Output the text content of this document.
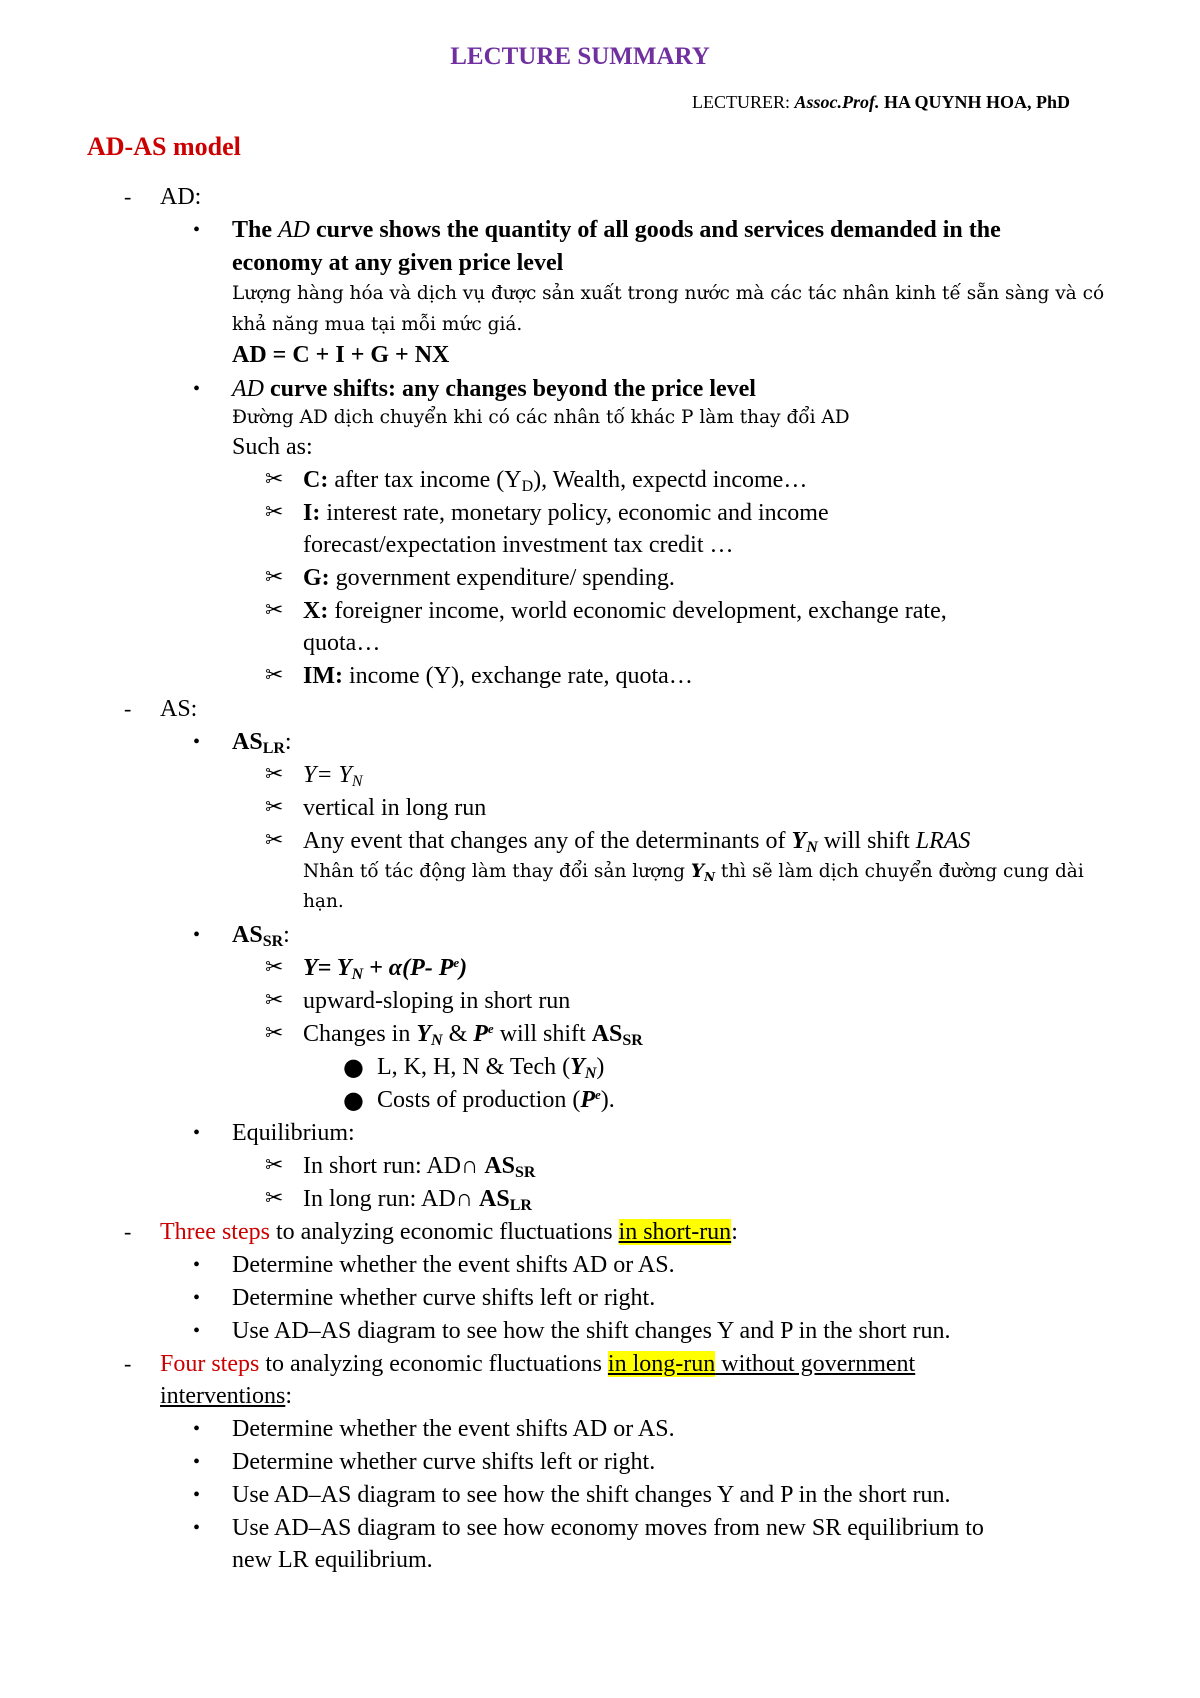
LECTURE SUMMARY
LECTURER: Assoc.Prof. HA QUYNH HOA, PhD
AD-AS model
- AD:
• The AD curve shows the quantity of all goods and services demanded in the
economy at any given price level
Lượng hàng hóa và dịch vụ được sản xuất trong nước mà các tác nhân kinh tế sẵn sàng và có
khả năng mua tại mỗi mức giá.
AD = C + I + G + NX
• AD curve shifts: any changes beyond the price level
Đường AD dịch chuyển khi có các nhân tố khác P làm thay đổi AD
Such as:
✂ C: after tax income $(Y_D)$, Wealth, expectd income…
✂ I: interest rate, monetary policy, economic and income
forecast/expectation investment tax credit …
✂ G: government expenditure/ spending.
✂ X: foreigner income, world economic development, exchange rate,
quota…
✂ IM: income (Y), exchange rate, quota…
- AS:
• $AS_{LR}$:
✂ $Y= Y_N$
✂ vertical in long run
✂ Any event that changes any of the determinants of $Y_N$ will shift LRAS
Nhân tố tác động làm thay đổi sản lượng $Y_N$ thì sẽ làm dịch chuyển đường cung dài
hạn.
• $AS_{SR}$:
✂ $Y= Y_N + \alpha(P-$ $P^e$)
✂ upward-sloping in short run
✂ Changes in $Y_N$ & $P^e$ will shift $AS_{SR}$
● L, K, H, N & Tech $(Y_N)$
● Costs of production $(P^e)$.
• Equilibrium:
✂ In short run: AD∩ $AS_{SR}$
✂ In long run: AD∩ $AS_{LR}$
- Three steps to analyzing economic fluctuations in short-run:
• Determine whether the event shifts AD or AS.
• Determine whether curve shifts left or right.
• Use AD–AS diagram to see how the shift changes Y and P in the short run.
- Four steps to analyzing economic fluctuations in long-run without government
interventions:
• Determine whether the event shifts AD or AS.
• Determine whether curve shifts left or right.
• Use AD–AS diagram to see how the shift changes Y and P in the short run.
• Use AD–AS diagram to see how economy moves from new SR equilibrium to
new LR equilibrium.
